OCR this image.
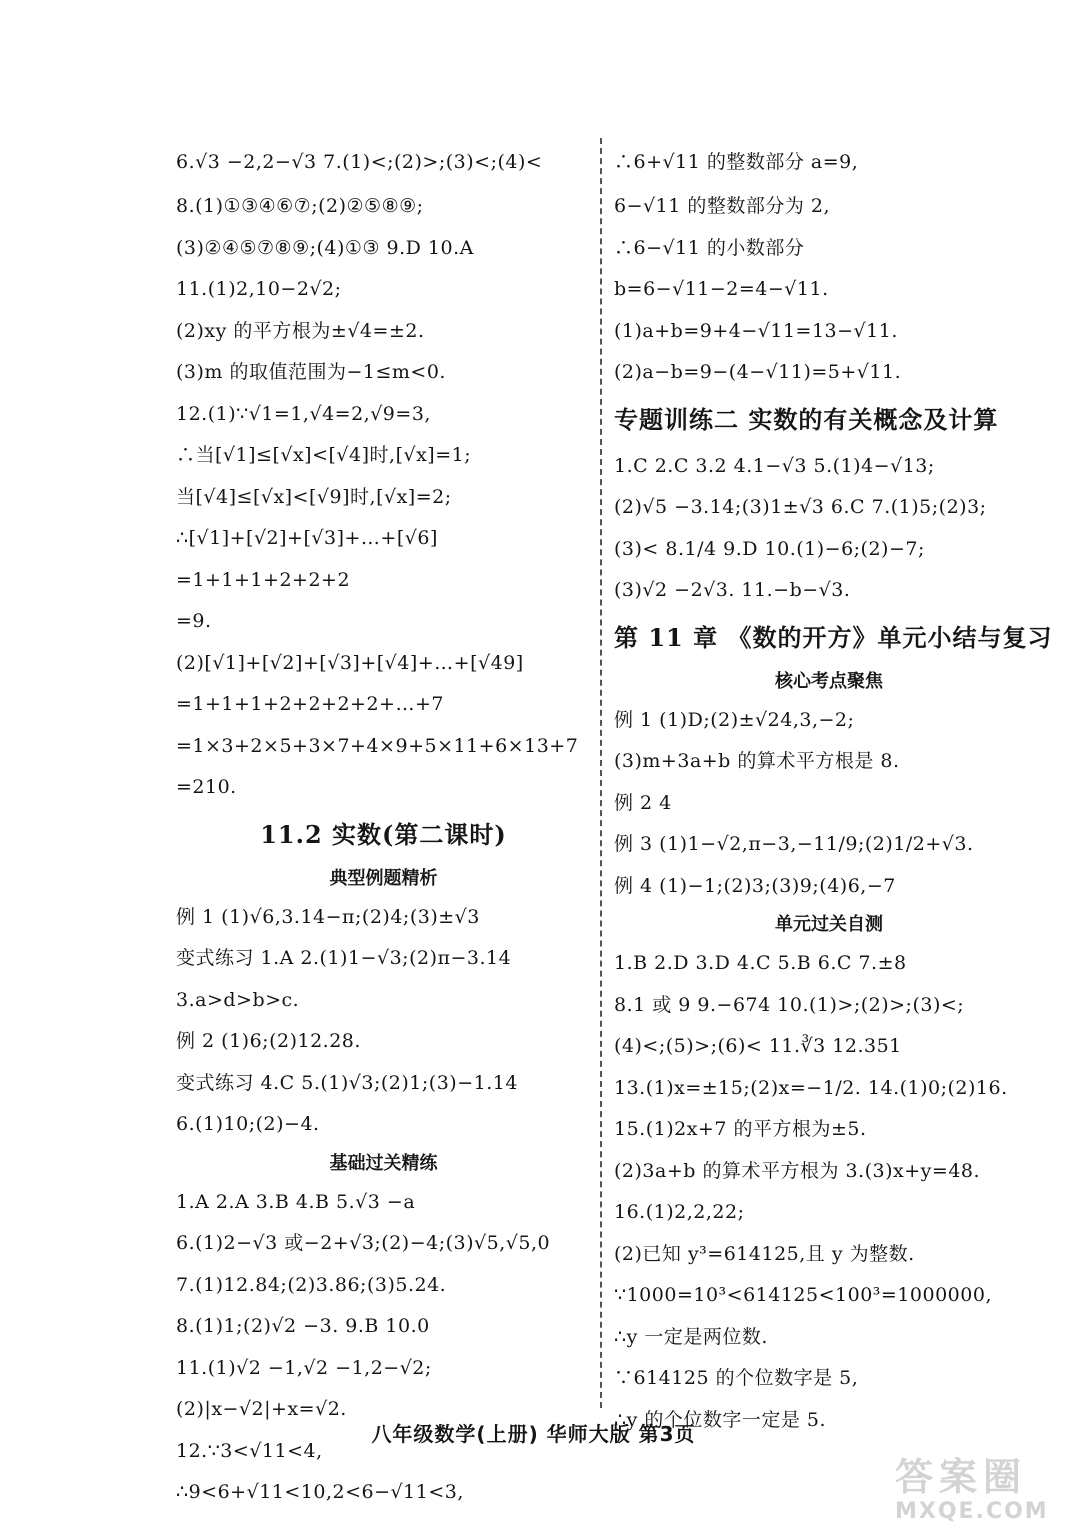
6.√3 −2,2−√3 7.(1)<;(2)>;(3)<;(4)<
8.(1)①③④⑥⑦;(2)②⑤⑧⑨;
(3)②④⑤⑦⑧⑨;(4)①③ 9.D 10.A
11.(1)2,10−2√2;
(2)xy 的平方根为±√4=±2.
(3)m 的取值范围为−1≤m<0.
12.(1)∵√1=1,√4=2,√9=3,
∴当[√1]≤[√x]<[√4]时,[√x]=1;
当[√4]≤[√x]<[√9]时,[√x]=2;
∴[√1]+[√2]+[√3]+…+[√6]
=1+1+1+2+2+2
=9.
(2)[√1]+[√2]+[√3]+[√4]+…+[√49]
=1+1+1+2+2+2+2+…+7
=1×3+2×5+3×7+4×9+5×11+6×13+7
=210.
11.2 实数(第二课时)
典型例题精析
例 1 (1)√6,3.14−π;(2)4;(3)±√3
变式练习 1.A 2.(1)1−√3;(2)π−3.14
3.a>d>b>c.
例 2 (1)6;(2)12.28.
变式练习 4.C 5.(1)√3;(2)1;(3)−1.14
6.(1)10;(2)−4.
基础过关精练
1.A 2.A 3.B 4.B 5.√3 −a
6.(1)2−√3 或−2+√3;(2)−4;(3)√5,√5,0
7.(1)12.84;(2)3.86;(3)5.24.
8.(1)1;(2)√2 −3. 9.B 10.0
11.(1)√2 −1,√2 −1,2−√2;
(2)|x−√2|+x=√2.
12.∵3<√11<4,
∴9<6+√11<10,2<6−√11<3,
∴6+√11 的整数部分 a=9,
6−√11 的整数部分为 2,
∴6−√11 的小数部分
b=6−√11−2=4−√11.
(1)a+b=9+4−√11=13−√11.
(2)a−b=9−(4−√11)=5+√11.
专题训练二 实数的有关概念及计算
1.C 2.C 3.2 4.1−√3 5.(1)4−√13;
(2)√5 −3.14;(3)1±√3 6.C 7.(1)5;(2)3;
(3)< 8.1/4 9.D 10.(1)−6;(2)−7;
(3)√2 −2√3. 11.−b−√3.
第 11 章 《数的开方》单元小结与复习
核心考点聚焦
例 1 (1)D;(2)±√24,3,−2;
(3)m+3a+b 的算术平方根是 8.
例 2 4
例 3 (1)1−√2,π−3,−11/9;(2)1/2+√3.
例 4 (1)−1;(2)3;(3)9;(4)6,−7
单元过关自测
1.B 2.D 3.D 4.C 5.B 6.C 7.±8
8.1 或 9 9.−674 10.(1)>;(2)>;(3)<;
(4)<;(5)>;(6)< 11.∛3 12.351
13.(1)x=±15;(2)x=−1/2. 14.(1)0;(2)16.
15.(1)2x+7 的平方根为±5.
(2)3a+b 的算术平方根为 3.(3)x+y=48.
16.(1)2,2,22;
(2)已知 y³=614125,且 y 为整数.
∵1000=10³<614125<100³=1000000,
∴y 一定是两位数.
∵614125 的个位数字是 5,
∴y 的个位数字一定是 5.
八年级数学(上册) 华师大版 第3页
答案圈
MXQE.COM
